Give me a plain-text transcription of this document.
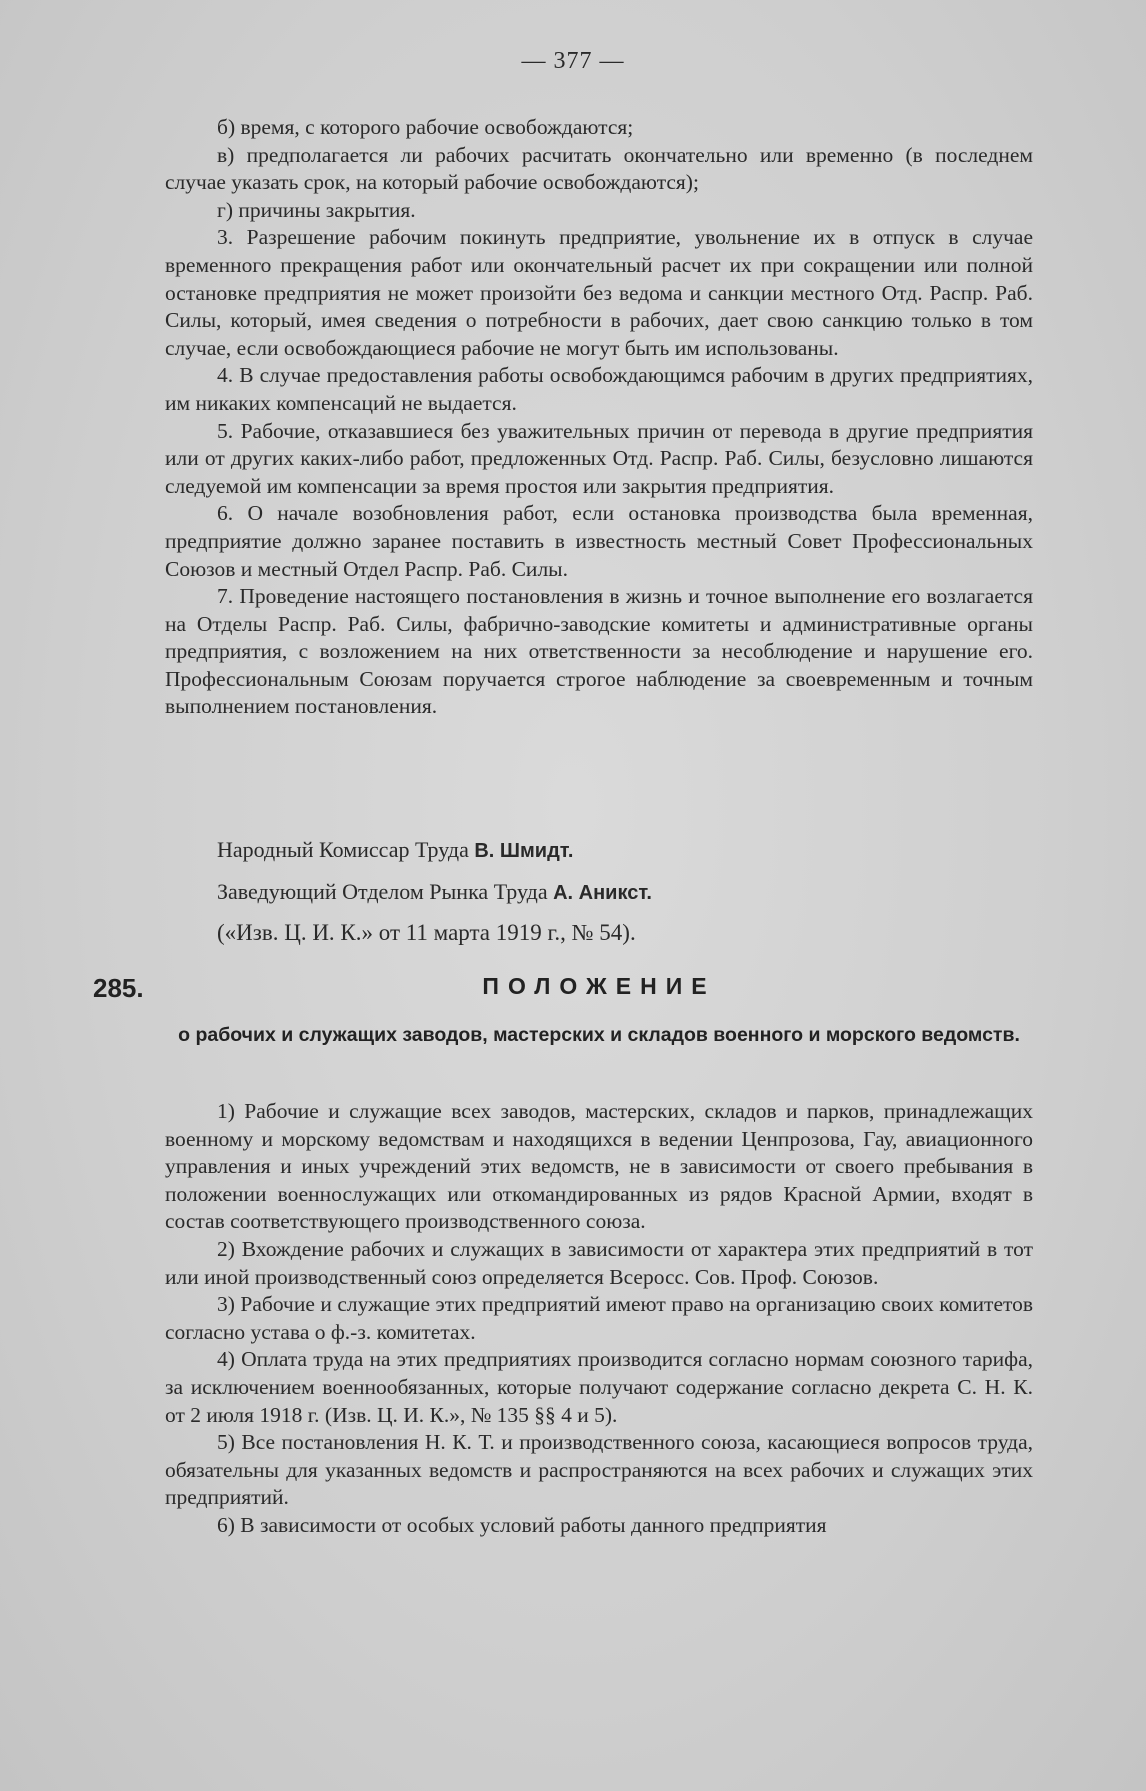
— 377 —

б) время, с которого рабочие освобождаются;

в) предполагается ли рабочих расчитать окончательно или временно (в последнем случае указать срок, на который рабочие освобождаются);

г) причины закрытия.

3. Разрешение рабочим покинуть предприятие, увольнение их в отпуск в случае временного прекращения работ или окончательный расчет их при сокращении или полной остановке предприятия не может произойти без ведома и санкции местного Отд. Распр. Раб. Силы, который, имея сведения о потребности в рабочих, дает свою санкцию только в том случае, если освобождающиеся рабочие не могут быть им использованы.

4. В случае предоставления работы освобождающимся рабочим в других предприятиях, им никаких компенсаций не выдается.

5. Рабочие, отказавшиеся без уважительных причин от перевода в другие предприятия или от других каких-либо работ, предложенных Отд. Распр. Раб. Силы, безусловно лишаются следуемой им компенсации за время простоя или закрытия предприятия.

6. О начале возобновления работ, если остановка производства была временная, предприятие должно заранее поставить в известность местный Совет Профессиональных Союзов и местный Отдел Распр. Раб. Силы.

7. Проведение настоящего постановления в жизнь и точное выполнение его возлагается на Отделы Распр. Раб. Силы, фабрично-заводские комитеты и административные органы предприятия, с возложением на них ответственности за несоблюдение и нарушение его. Профессиональным Союзам поручается строгое наблюдение за своевременным и точным выполнением постановления.

Народный Комиссар Труда В. Шмидт.

Заведующий Отделом Рынка Труда А. Аникст.

(«Изв. Ц. И. К.» от 11 марта 1919 г., № 54).

285.	ПОЛОЖЕНИЕ
о рабочих и служащих заводов, мастерских и складов военного и морского ведомств.

1) Рабочие и служащие всех заводов, мастерских, складов и парков, принадлежащих военному и морскому ведомствам и находящихся в ведении Ценпрозова, Гау, авиационного управления и иных учреждений этих ведомств, не в зависимости от своего пребывания в положении военнослужащих или откомандированных из рядов Красной Армии, входят в состав соответствующего производственного союза.

2) Вхождение рабочих и служащих в зависимости от характера этих предприятий в тот или иной производственный союз определяется Всеросс. Сов. Проф. Союзов.

3) Рабочие и служащие этих предприятий имеют право на организацию своих комитетов согласно устава о ф.-з. комитетах.

4) Оплата труда на этих предприятиях производится согласно нормам союзного тарифа, за исключением военнообязанных, которые получают содержание согласно декрета С. Н. К. от 2 июля 1918 г. (Изв. Ц. И. К.», № 135 §§ 4 и 5).

5) Все постановления Н. К. Т. и производственного союза, касающиеся вопросов труда, обязательны для указанных ведомств и распространяются на всех рабочих и служащих этих предприятий.

6) В зависимости от особых условий работы данного предприятия
